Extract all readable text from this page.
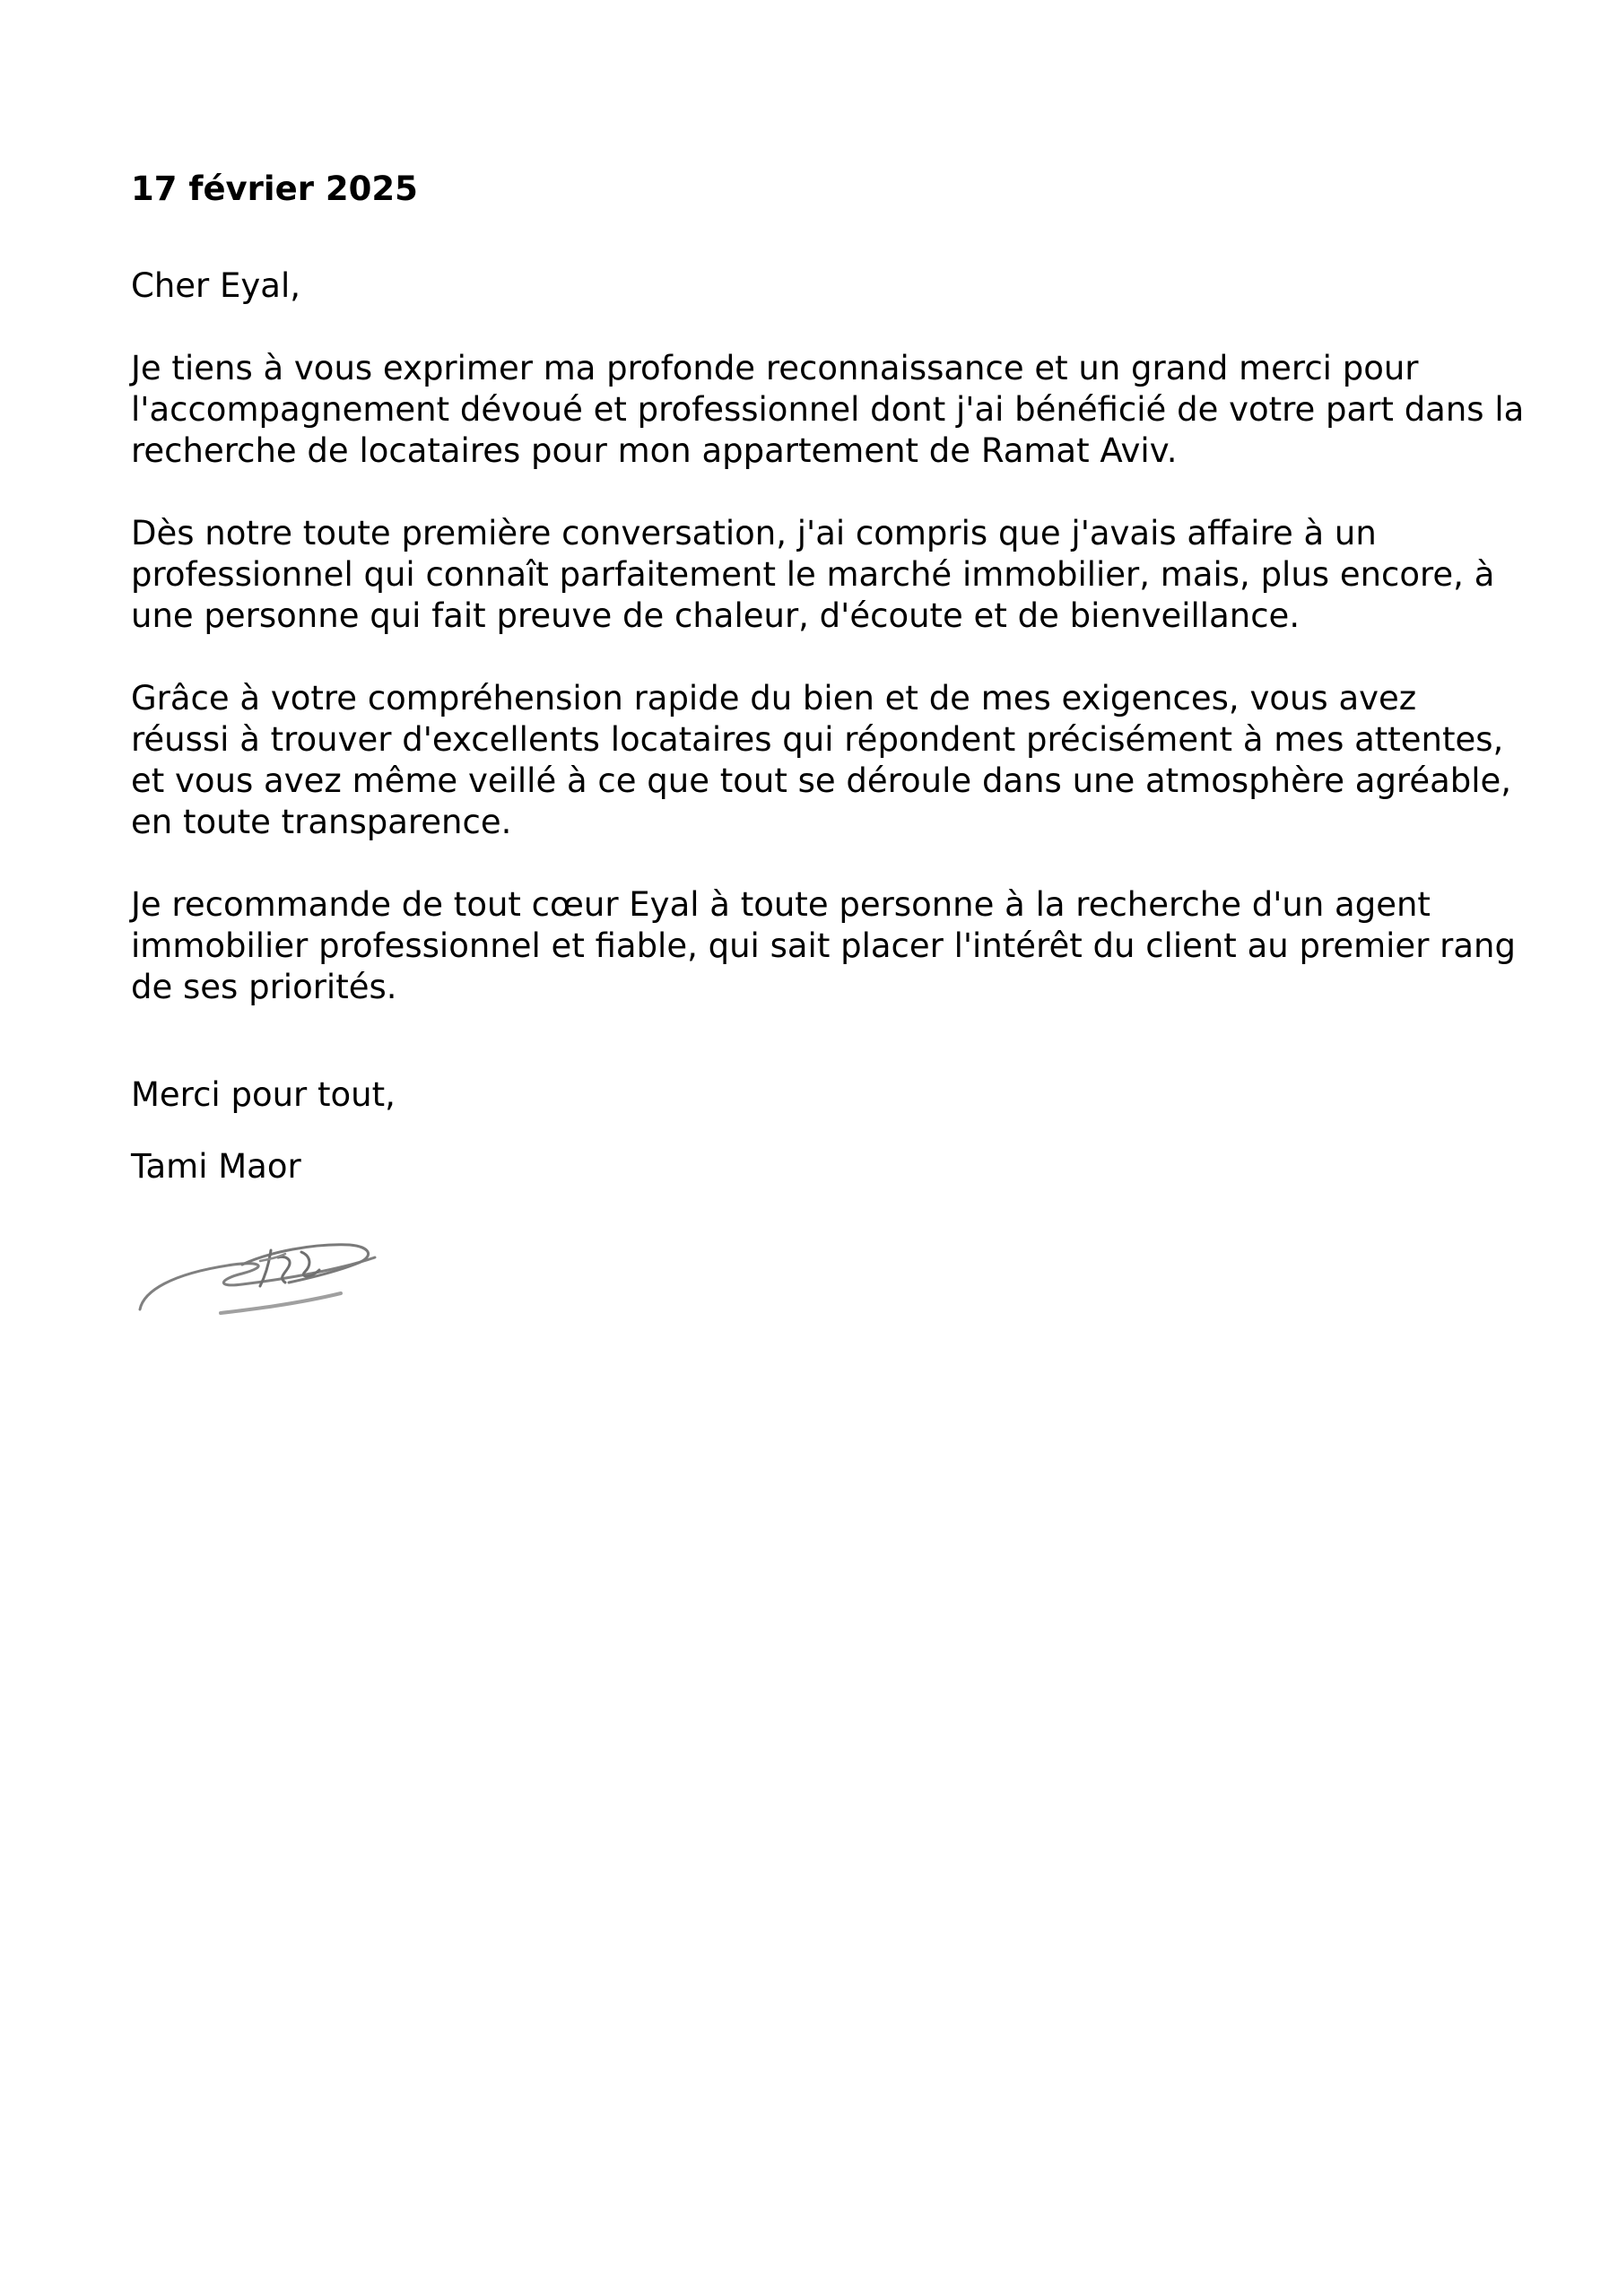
17 février 2025
Cher Eyal,

Je tiens à vous exprimer ma profonde reconnaissance et un grand merci pour
l'accompagnement dévoué et professionnel dont j'ai bénéficié de votre part dans la
recherche de locataires pour mon appartement de Ramat Aviv.

Dès notre toute première conversation, j'ai compris que j'avais affaire à un
professionnel qui connaît parfaitement le marché immobilier, mais, plus encore, à
une personne qui fait preuve de chaleur, d'écoute et de bienveillance.

Grâce à votre compréhension rapide du bien et de mes exigences, vous avez
réussi à trouver d'excellents locataires qui répondent précisément à mes attentes,
et vous avez même veillé à ce que tout se déroule dans une atmosphère agréable,
en toute transparence.

Je recommande de tout cœur Eyal à toute personne à la recherche d'un agent
immobilier professionnel et fiable, qui sait placer l'intérêt du client au premier rang
de ses priorités.

Merci pour tout,
Tami Maor
